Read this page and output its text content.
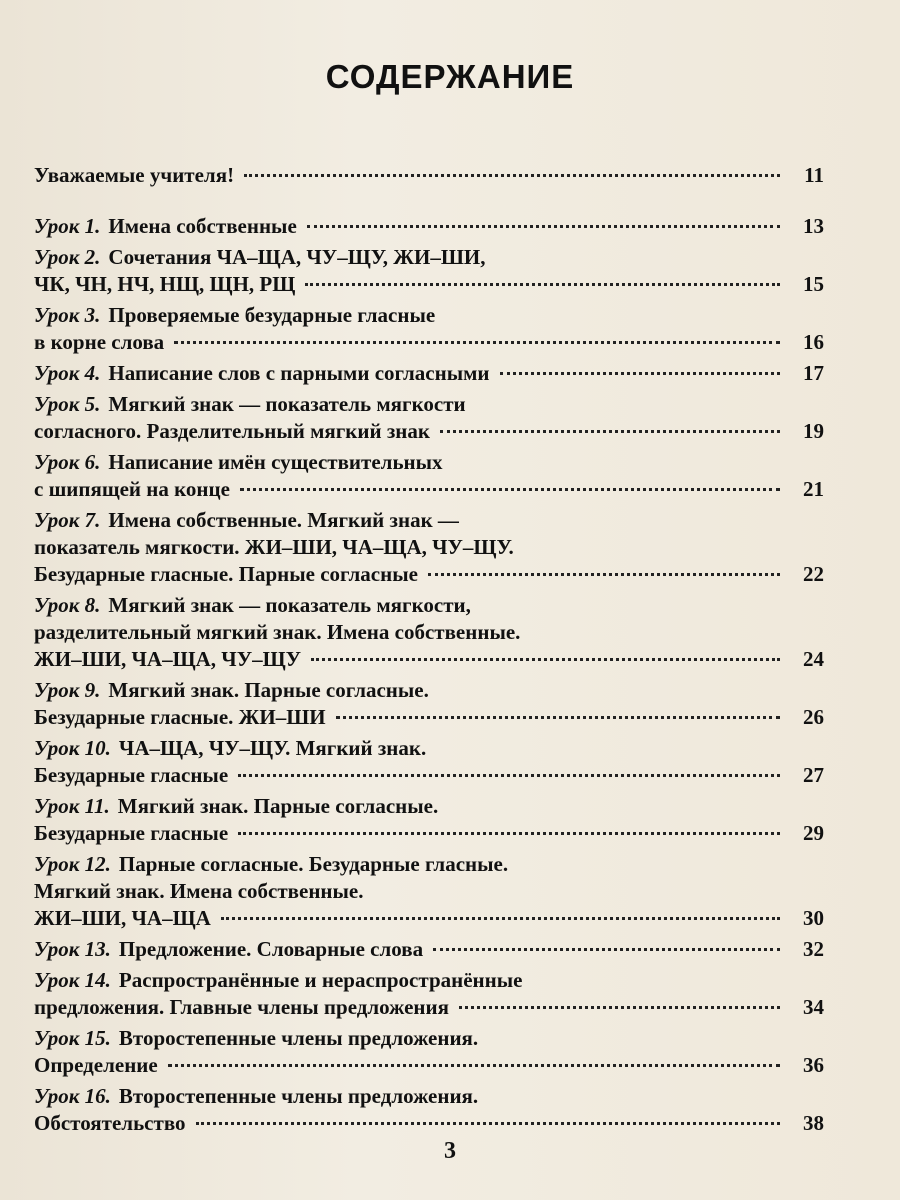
СОДЕРЖАНИЕ
Уважаемые учителя!	11
Урок 1. Имена собственные	13
Урок 2. Сочетания ЧА–ЩА, ЧУ–ЩУ, ЖИ–ШИ,
ЧК, ЧН, НЧ, НЩ, ЩН, РЩ	15
Урок 3. Проверяемые безударные гласные
в корне слова	16
Урок 4. Написание слов с парными согласными	17
Урок 5. Мягкий знак — показатель мягкости
согласного. Разделительный мягкий знак	19
Урок 6. Написание имён существительных
с шипящей на конце	21
Урок 7. Имена собственные. Мягкий знак —
показатель мягкости. ЖИ–ШИ, ЧА–ЩА, ЧУ–ЩУ.
Безударные гласные. Парные согласные	22
Урок 8. Мягкий знак — показатель мягкости,
разделительный мягкий знак. Имена собственные.
ЖИ–ШИ, ЧА–ЩА, ЧУ–ЩУ	24
Урок 9. Мягкий знак. Парные согласные.
Безударные гласные. ЖИ–ШИ	26
Урок 10. ЧА–ЩА, ЧУ–ЩУ. Мягкий знак.
Безударные гласные	27
Урок 11. Мягкий знак. Парные согласные.
Безударные гласные	29
Урок 12. Парные согласные. Безударные гласные.
Мягкий знак. Имена собственные.
ЖИ–ШИ, ЧА–ЩА	30
Урок 13. Предложение. Словарные слова	32
Урок 14. Распространённые и нераспространённые
предложения. Главные члены предложения	34
Урок 15. Второстепенные члены предложения.
Определение	36
Урок 16. Второстепенные члены предложения.
Обстоятельство	38
3
